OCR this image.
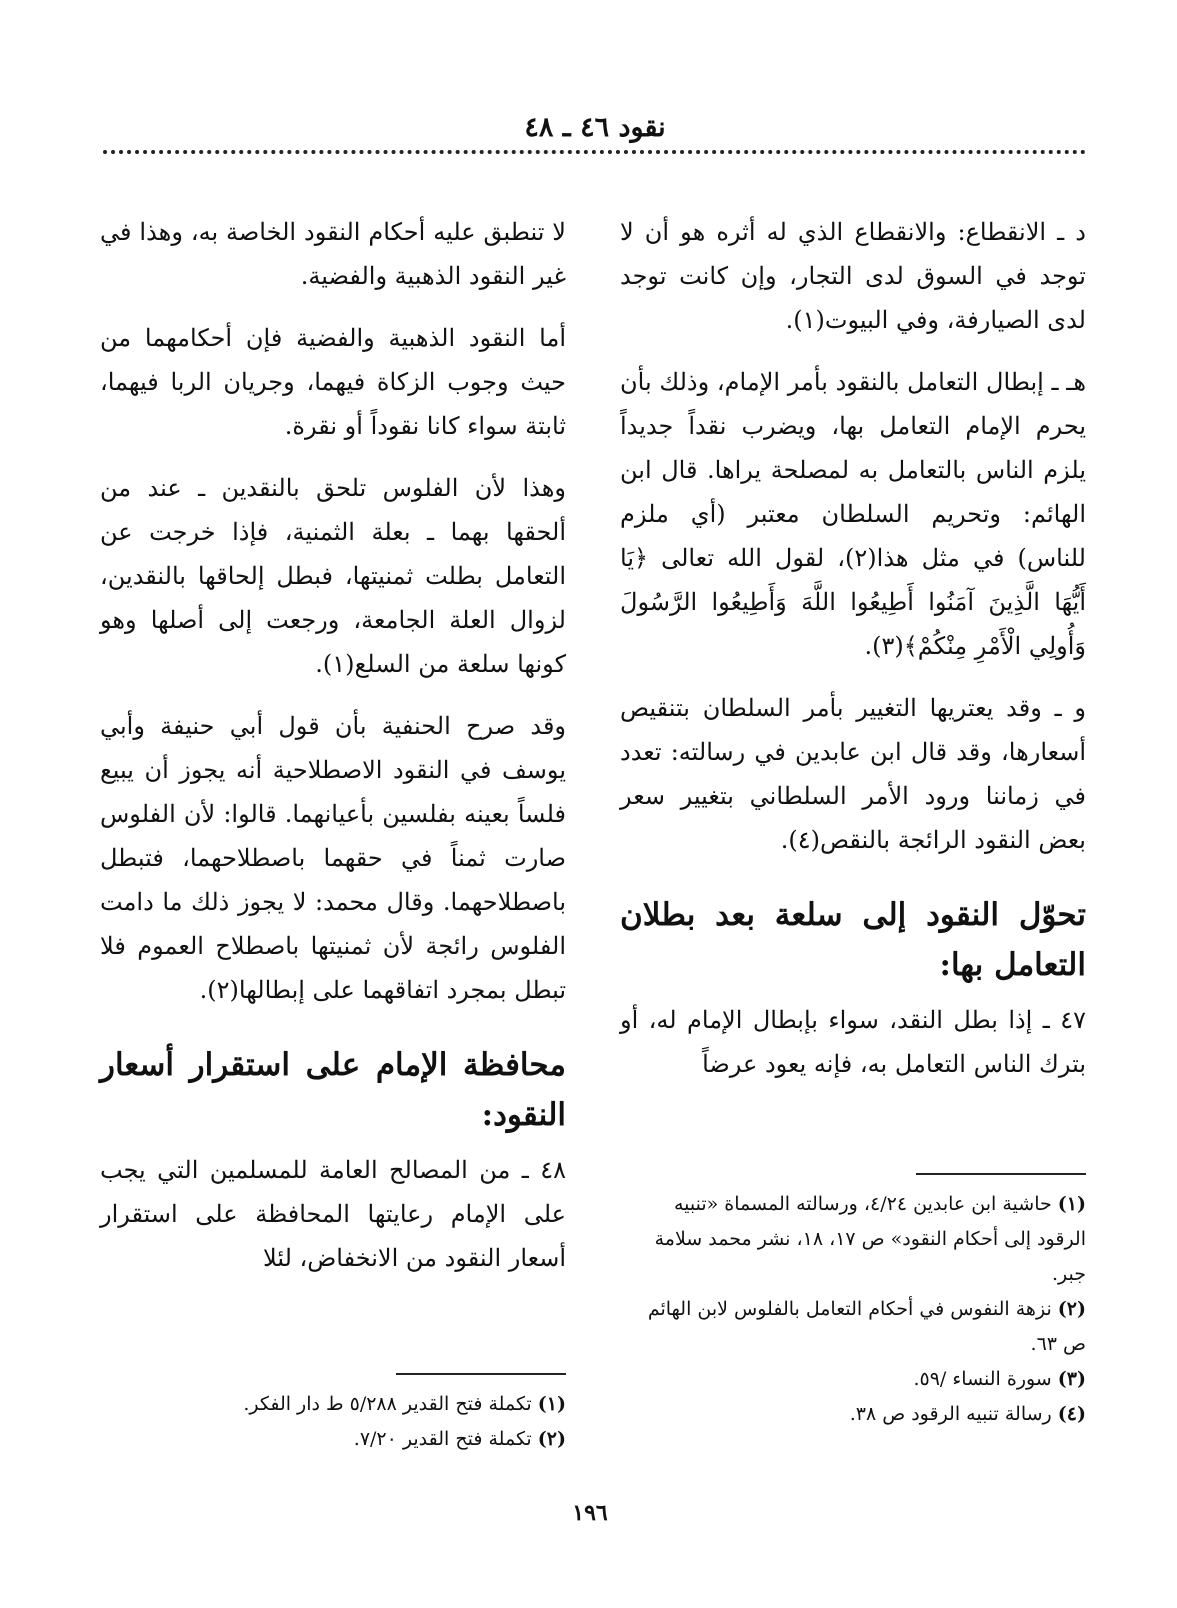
نقود ٤٦ ـ ٤٨

د ـ الانقطاع: والانقطاع الذي له أثره هو أن لا توجد في السوق لدى التجار، وإن كانت توجد لدى الصيارفة، وفي البيوت(١).

هـ ـ إبطال التعامل بالنقود بأمر الإمام، وذلك بأن يحرم الإمام التعامل بها، ويضرب نقداً جديداً يلزم الناس بالتعامل به لمصلحة يراها. قال ابن الهائم: وتحريم السلطان معتبر (أي ملزم للناس) في مثل هذا(٢)، لقول الله تعالى ﴿يَا أَيُّهَا الَّذِينَ آمَنُوا أَطِيعُوا اللَّهَ وَأَطِيعُوا الرَّسُولَ وَأُولِي الْأَمْرِ مِنْكُمْ﴾(٣).

و ـ وقد يعتريها التغيير بأمر السلطان بتنقيص أسعارها، وقد قال ابن عابدين في رسالته: تعدد في زماننا ورود الأمر السلطاني بتغيير سعر بعض النقود الرائجة بالنقص(٤).

تحوّل النقود إلى سلعة بعد بطلان التعامل بها:

٤٧ ـ إذا بطل النقد، سواء بإبطال الإمام له، أو بترك الناس التعامل به، فإنه يعود عرضاً

لا تنطبق عليه أحكام النقود الخاصة به، وهذا في غير النقود الذهبية والفضية.

أما النقود الذهبية والفضية فإن أحكامهما من حيث وجوب الزكاة فيهما، وجريان الربا فيهما، ثابتة سواء كانا نقوداً أو نقرة.

وهذا لأن الفلوس تلحق بالنقدين ـ عند من ألحقها بهما ـ بعلة الثمنية، فإذا خرجت عن التعامل بطلت ثمنيتها، فبطل إلحاقها بالنقدين، لزوال العلة الجامعة، ورجعت إلى أصلها وهو كونها سلعة من السلع(١).

وقد صرح الحنفية بأن قول أبي حنيفة وأبي يوسف في النقود الاصطلاحية أنه يجوز أن يبيع فلساً بعينه بفلسين بأعيانهما. قالوا: لأن الفلوس صارت ثمناً في حقهما باصطلاحهما، فتبطل باصطلاحهما. وقال محمد: لا يجوز ذلك ما دامت الفلوس رائجة لأن ثمنيتها باصطلاح العموم فلا تبطل بمجرد اتفاقهما على إبطالها(٢).

محافظة الإمام على استقرار أسعار النقود:

٤٨ ـ من المصالح العامة للمسلمين التي يجب على الإمام رعايتها المحافظة على استقرار أسعار النقود من الانخفاض، لئلا

(١) حاشية ابن عابدين ٤/٢٤، ورسالته المسماة «تنبيه الرقود إلى أحكام النقود» ص ١٧، ١٨، نشر محمد سلامة جبر.

(٢) نزهة النفوس في أحكام التعامل بالفلوس لابن الهائم ص ٦٣.

(٣) سورة النساء /٥٩.

(٤) رسالة تنبيه الرقود ص ٣٨.

(١) تكملة فتح القدير ٥/٢٨٨ ط دار الفكر.

(٢) تكملة فتح القدير ٧/٢٠.

١٩٦
